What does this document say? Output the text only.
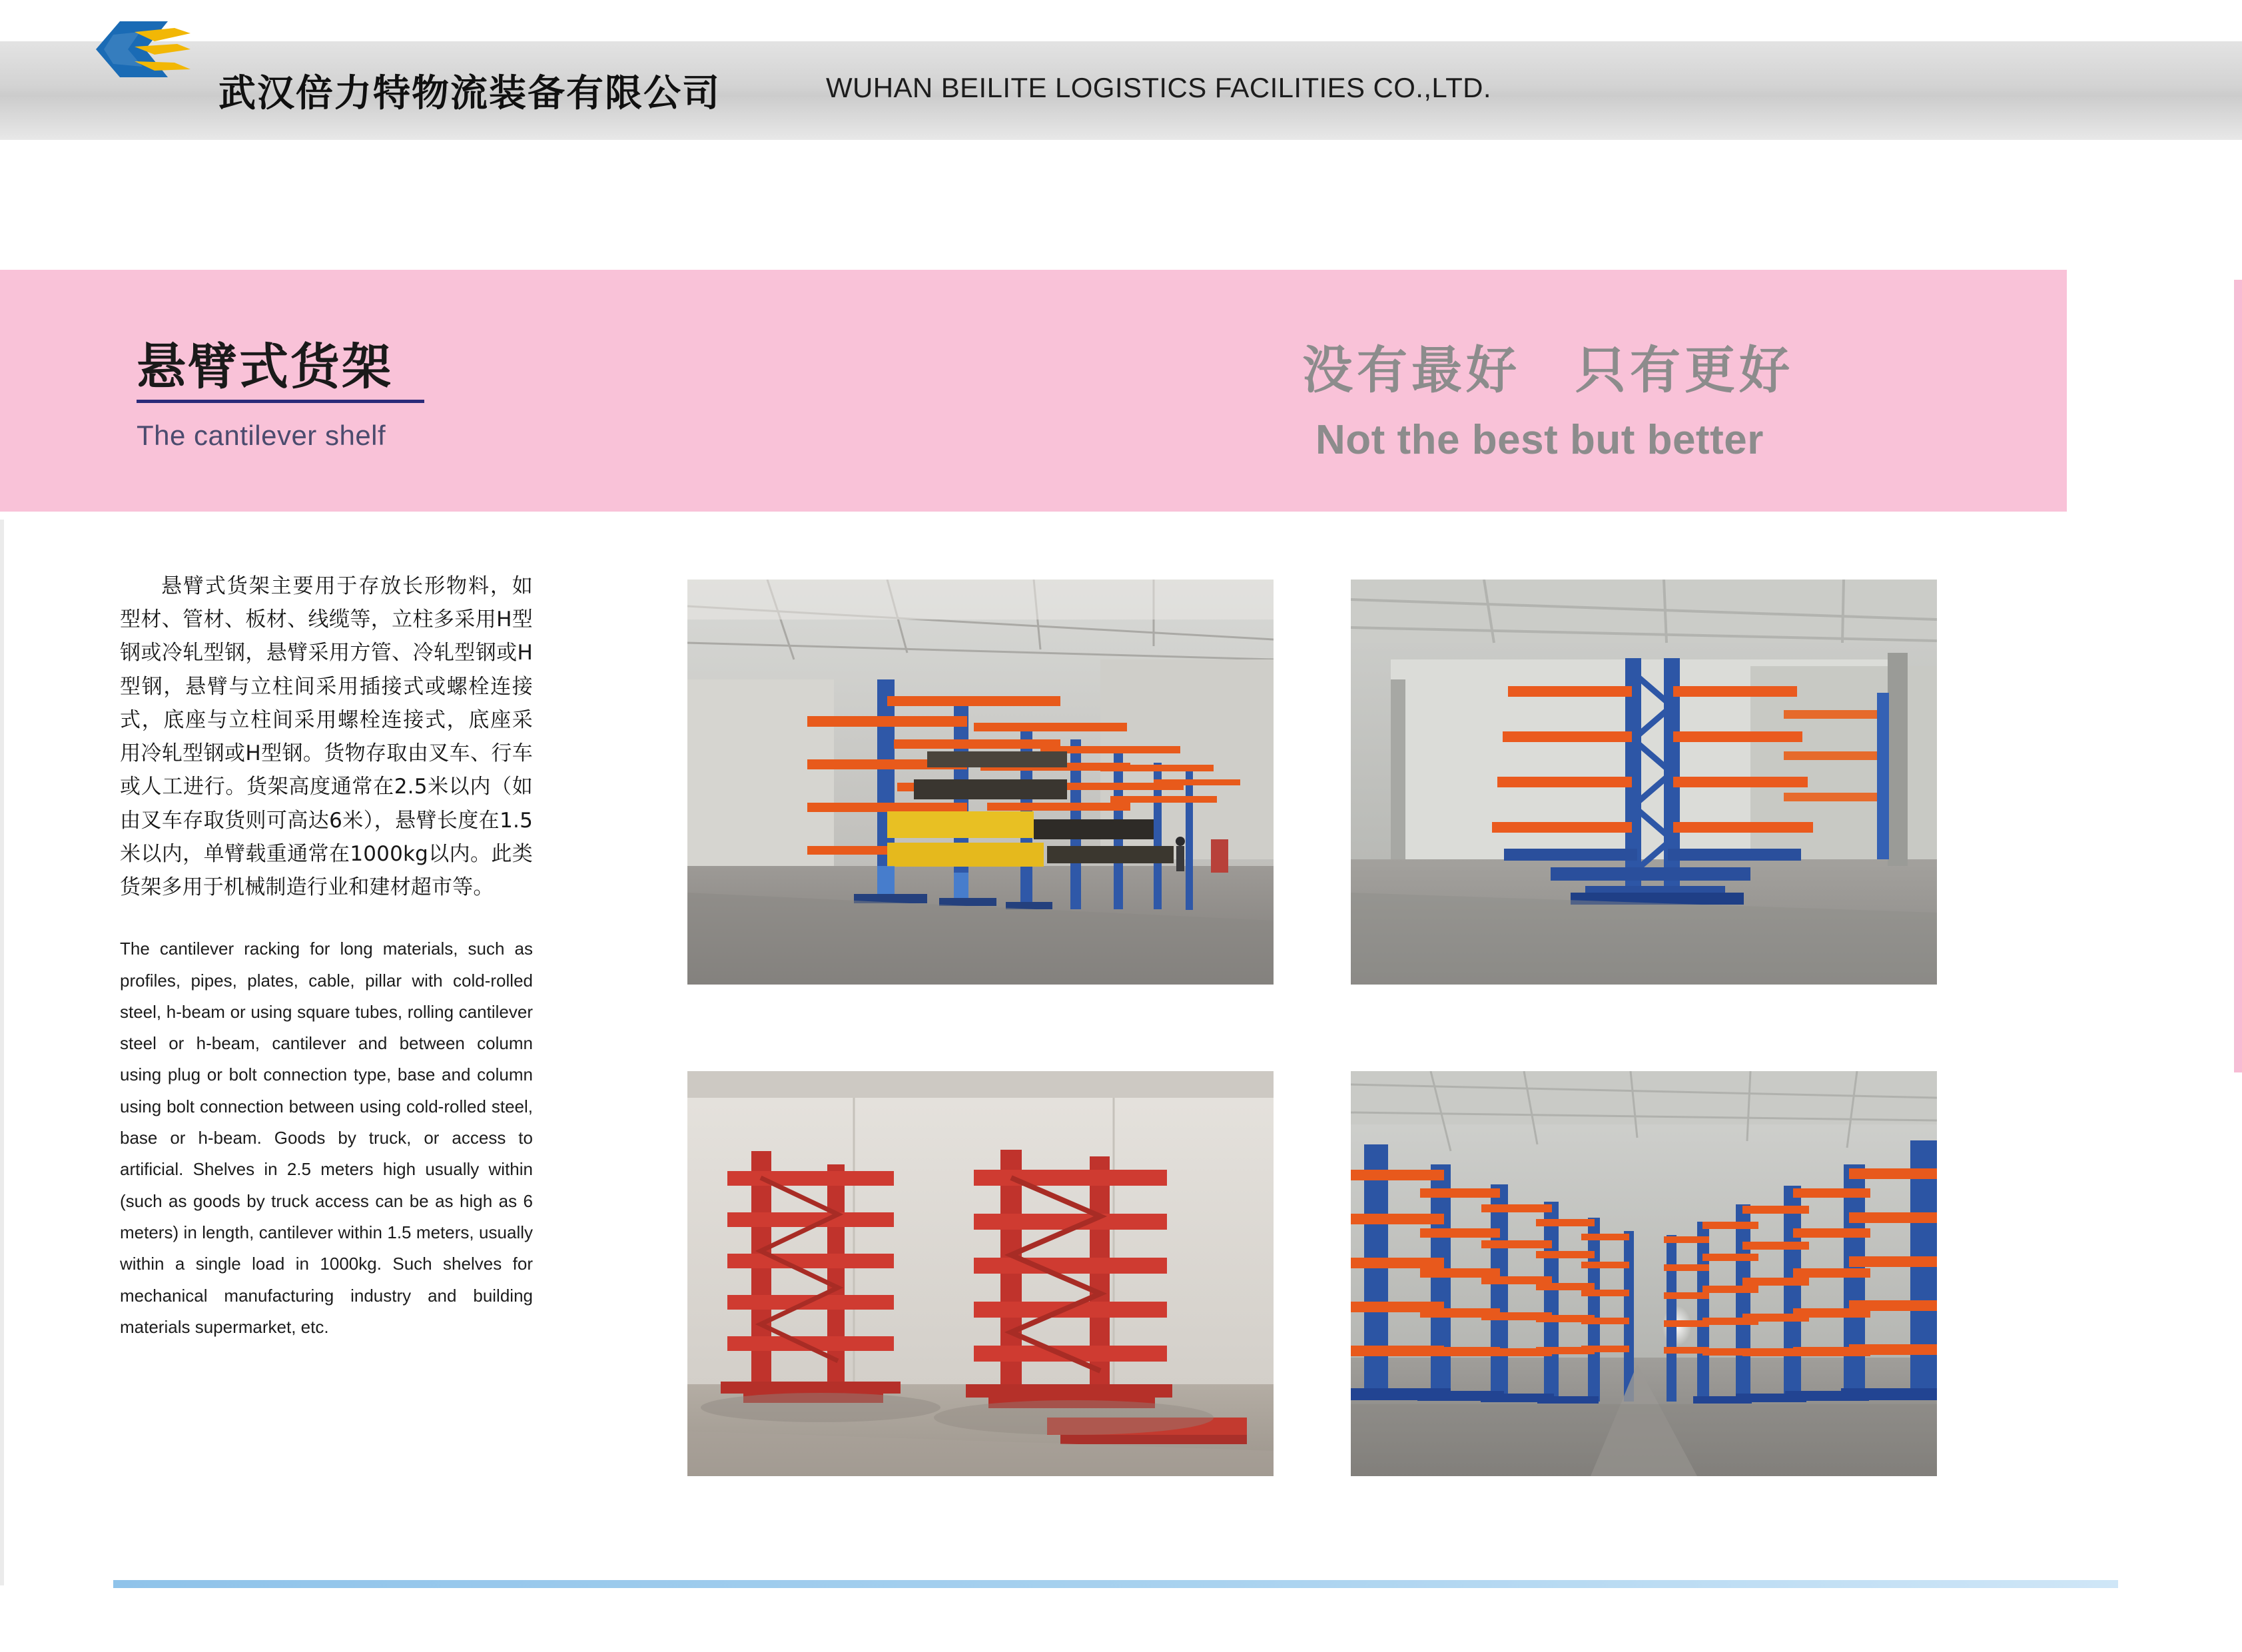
武汉倍力特物流装备有限公司	WUHAN BEILITE LOGISTICS FACILITIES CO.,LTD.
悬臂式货架
The cantilever shelf
没有最好　只有更好
Not the best but better

悬臂式货架主要用于存放长形物料，如型材、管材、板材、线缆等，立柱多采用H型钢或冷轧型钢，悬臂采用方管、冷轧型钢或H型钢，悬臂与立柱间采用插接式或螺栓连接式，底座与立柱间采用螺栓连接式，底座采用冷轧型钢或H型钢。货物存取由叉车、行车或人工进行。货架高度通常在2.5米以内（如由叉车存取货则可高达6米），悬臂长度在1.5米以内，单臂载重通常在1000kg以内。此类货架多用于机械制造行业和建材超市等。

The cantilever racking for long materials, such as profiles, pipes, plates, cable, pillar with cold-rolled steel, h-beam or using square tubes, rolling cantilever steel or h-beam, cantilever and between column using plug or bolt connection type, base and column using bolt connection between using cold-rolled steel, base or h-beam. Goods by truck, or access to artificial. Shelves in 2.5 meters high usually within (such as goods by truck access can be as high as 6 meters) in length, cantilever within 1.5 meters, usually within a single load in 1000kg. Such shelves for mechanical manufacturing industry and building materials supermarket, etc.
